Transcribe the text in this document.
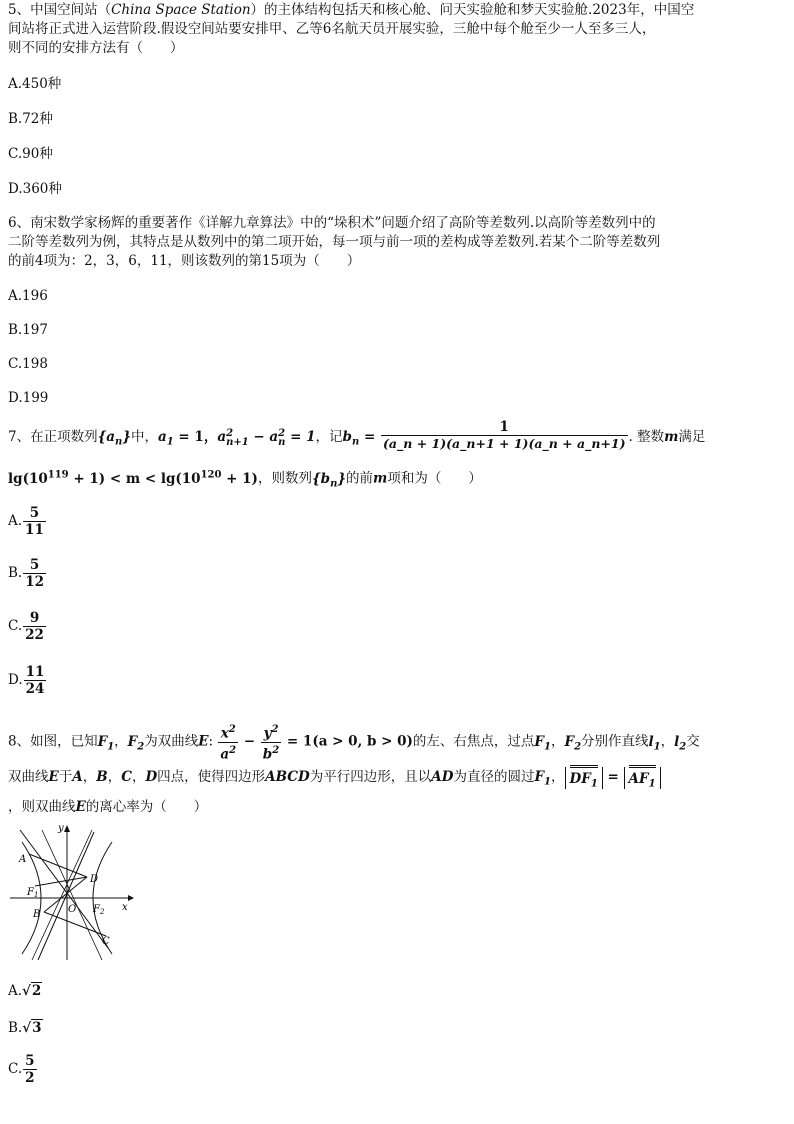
5、中国空间站（China Space Station）的主体结构包括天和核心舱、问天实验舱和梦天实验舱.2023年，中国空
间站将正式进入运营阶段.假设空间站要安排甲、乙等6名航天员开展实验，三舱中每个舱至少一人至多三人，
则不同的安排方法有（　　）
A.450种
B.72种
C.90种
D.360种
6、南宋数学家杨辉的重要著作《详解九章算法》中的“垛积术”问题介绍了高阶等差数列.以高阶等差数列中的
二阶等差数列为例，其特点是从数列中的第二项开始，每一项与前一项的差构成等差数列.若某个二阶等差数列
的前4项为：2，3，6，11，则该数列的第15项为（　　）
A.196
B.197
C.198
D.199
7、在正项数列$\{a_n\}$中，$a_1 = 1$，a 2
n+1 − a 2
n = 1，记$b_n = \frac{1}{(a\_n + 1)(a\_n+1 + 1)(a\_n + a\_n+1)}$ . 整数m满足
$\lg(10^{119} + 1) < m < \lg(10^{120} + 1)$，则数列$\{b_n\}$的前m项和为（　　）
A. $\frac{5}{11}$
B. $\frac{5}{12}$
C. $\frac{9}{22}$
D. $\frac{11}{24}$
8、如图，已知$F_1$，$F_2$为双曲线E: $\frac{x^2}{a^2} - \frac{y^2}{b^2} = 1(a > 0$, b > 0)的左、右焦点，过点$F_1$，$F_2$分别作直线$l_1$，$l_2$交
双曲线E于A，B，C，D四点，使得四边形ABCD为平行四边形，且以AD为直径的圆过$F_1$， $DF_1 = AF_1$
，则双曲线E的离心率为（　　）
y
x
O
A
B
C
D
$F_1$
$F_2$
A.√2
B.√3
C. $\frac{5}{2}$
